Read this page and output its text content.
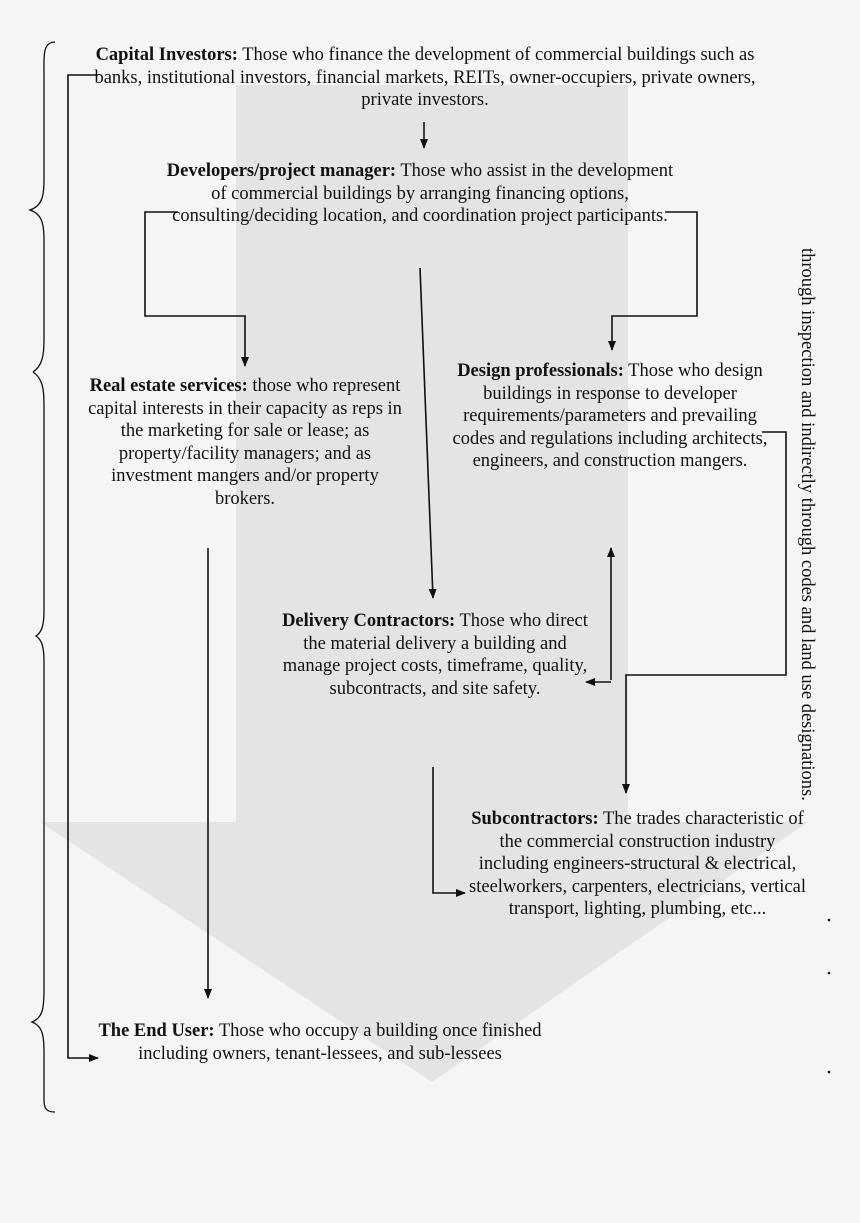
Capital Investors: Those who finance the development of commercial buildings such as banks, institutional investors, financial markets, REITs, owner-occupiers, private owners, private investors.
Developers/project manager: Those who assist in the development of commercial buildings by arranging financing options, consulting/deciding location, and coordination project participants.
Real estate services: those who represent capital interests in their capacity as reps in the marketing for sale or lease; as property/facility managers; and as investment mangers and/or property brokers.
Design professionals: Those who design buildings in response to developer requirements/parameters and prevailing codes and regulations including architects, engineers, and construction mangers.
Delivery Contractors: Those who direct the material delivery a building and manage project costs, timeframe, quality, subcontracts, and site safety.
Subcontractors: The trades characteristic of the commercial construction industry including engineers-structural & electrical, steelworkers, carpenters, electricians, vertical transport, lighting, plumbing, etc...
The End User: Those who occupy a building once finished including owners, tenant-lessees, and sub-lessees
through inspection and indirectly through codes and land use designations.
